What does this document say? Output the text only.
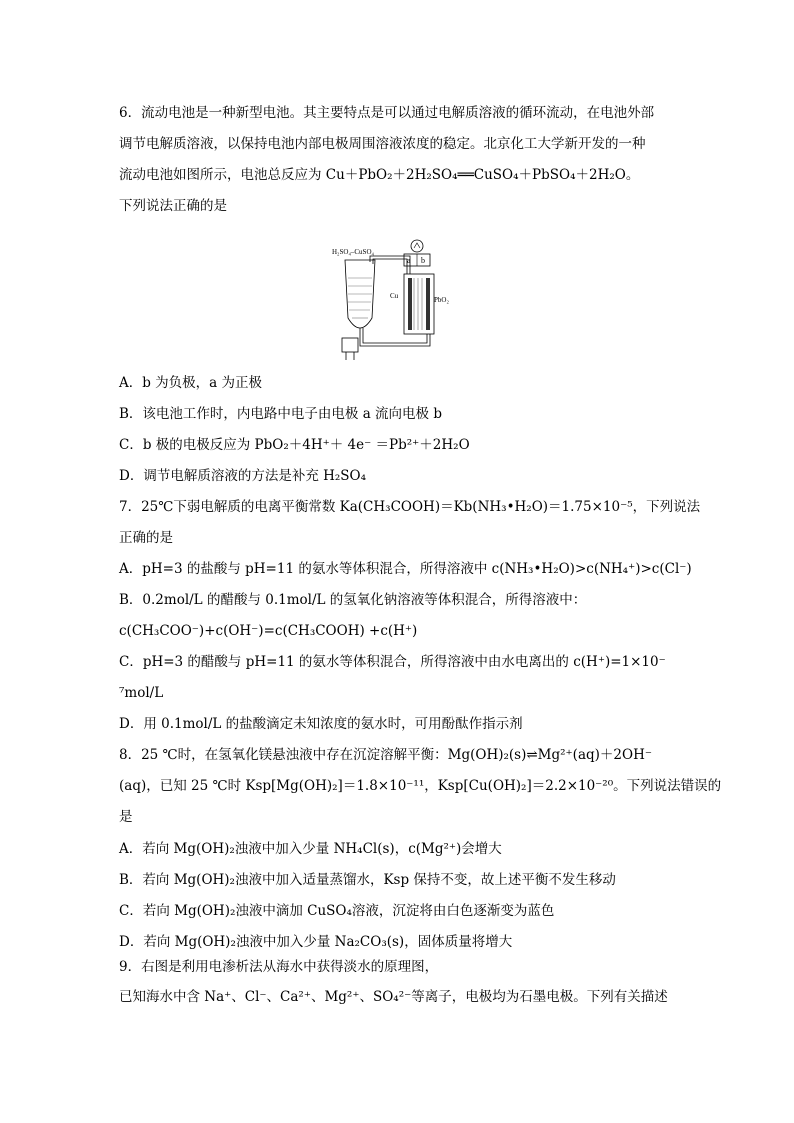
6．流动电池是一种新型电池。其主要特点是可以通过电解质溶液的循环流动，在电池外部
调节电解质溶液，以保持电池内部电极周围溶液浓度的稳定。北京化工大学新开发的一种
流动电池如图所示，电池总反应为 Cu＋PbO₂＋2H₂SO₄══CuSO₄＋PbSO₄＋2H₂O。
下列说法正确的是
a b
H₂SO₄–CuSO₄
Cu	PbO₂
A．b 为负极，a 为正极
B．该电池工作时，内电路中电子由电极 a 流向电极 b
C．b 极的电极反应为 PbO₂＋4H⁺＋ 4e⁻ ＝Pb²⁺＋2H₂O
D．调节电解质溶液的方法是补充 H₂SO₄
7．25℃下弱电解质的电离平衡常数 Ka(CH₃COOH)＝Kb(NH₃•H₂O)＝1.75×10⁻⁵，下列说法
正确的是
A．pH=3 的盐酸与 pH=11 的氨水等体积混合，所得溶液中 c(NH₃•H₂O)>c(NH₄⁺)>c(Cl⁻)
B．0.2mol/L 的醋酸与 0.1mol/L 的氢氧化钠溶液等体积混合，所得溶液中：
c(CH₃COO⁻)+c(OH⁻)=c(CH₃COOH) +c(H⁺)
C．pH=3 的醋酸与 pH=11 的氨水等体积混合，所得溶液中由水电离出的 c(H⁺)=1×10⁻
⁷mol/L
D．用 0.1mol/L 的盐酸滴定未知浓度的氨水时，可用酚酞作指示剂
8．25 ℃时，在氢氧化镁悬浊液中存在沉淀溶解平衡：Mg(OH)₂(s)⇌Mg²⁺(aq)＋2OH⁻
(aq)，已知 25 ℃时 Ksp[Mg(OH)₂]＝1.8×10⁻¹¹，Ksp[Cu(OH)₂]＝2.2×10⁻²⁰。下列说法错误的
是
A．若向 Mg(OH)₂浊液中加入少量 NH₄Cl(s)，c(Mg²⁺)会增大
B．若向 Mg(OH)₂浊液中加入适量蒸馏水，Ksp 保持不变，故上述平衡不发生移动
C．若向 Mg(OH)₂浊液中滴加 CuSO₄溶液，沉淀将由白色逐渐变为蓝色
D．若向 Mg(OH)₂浊液中加入少量 Na₂CO₃(s)，固体质量将增大
9．右图是利用电渗析法从海水中获得淡水的原理图，
已知海水中含 Na⁺、Cl⁻、Ca²⁺、Mg²⁺、SO₄²⁻等离子，电极均为石墨电极。下列有关描述
